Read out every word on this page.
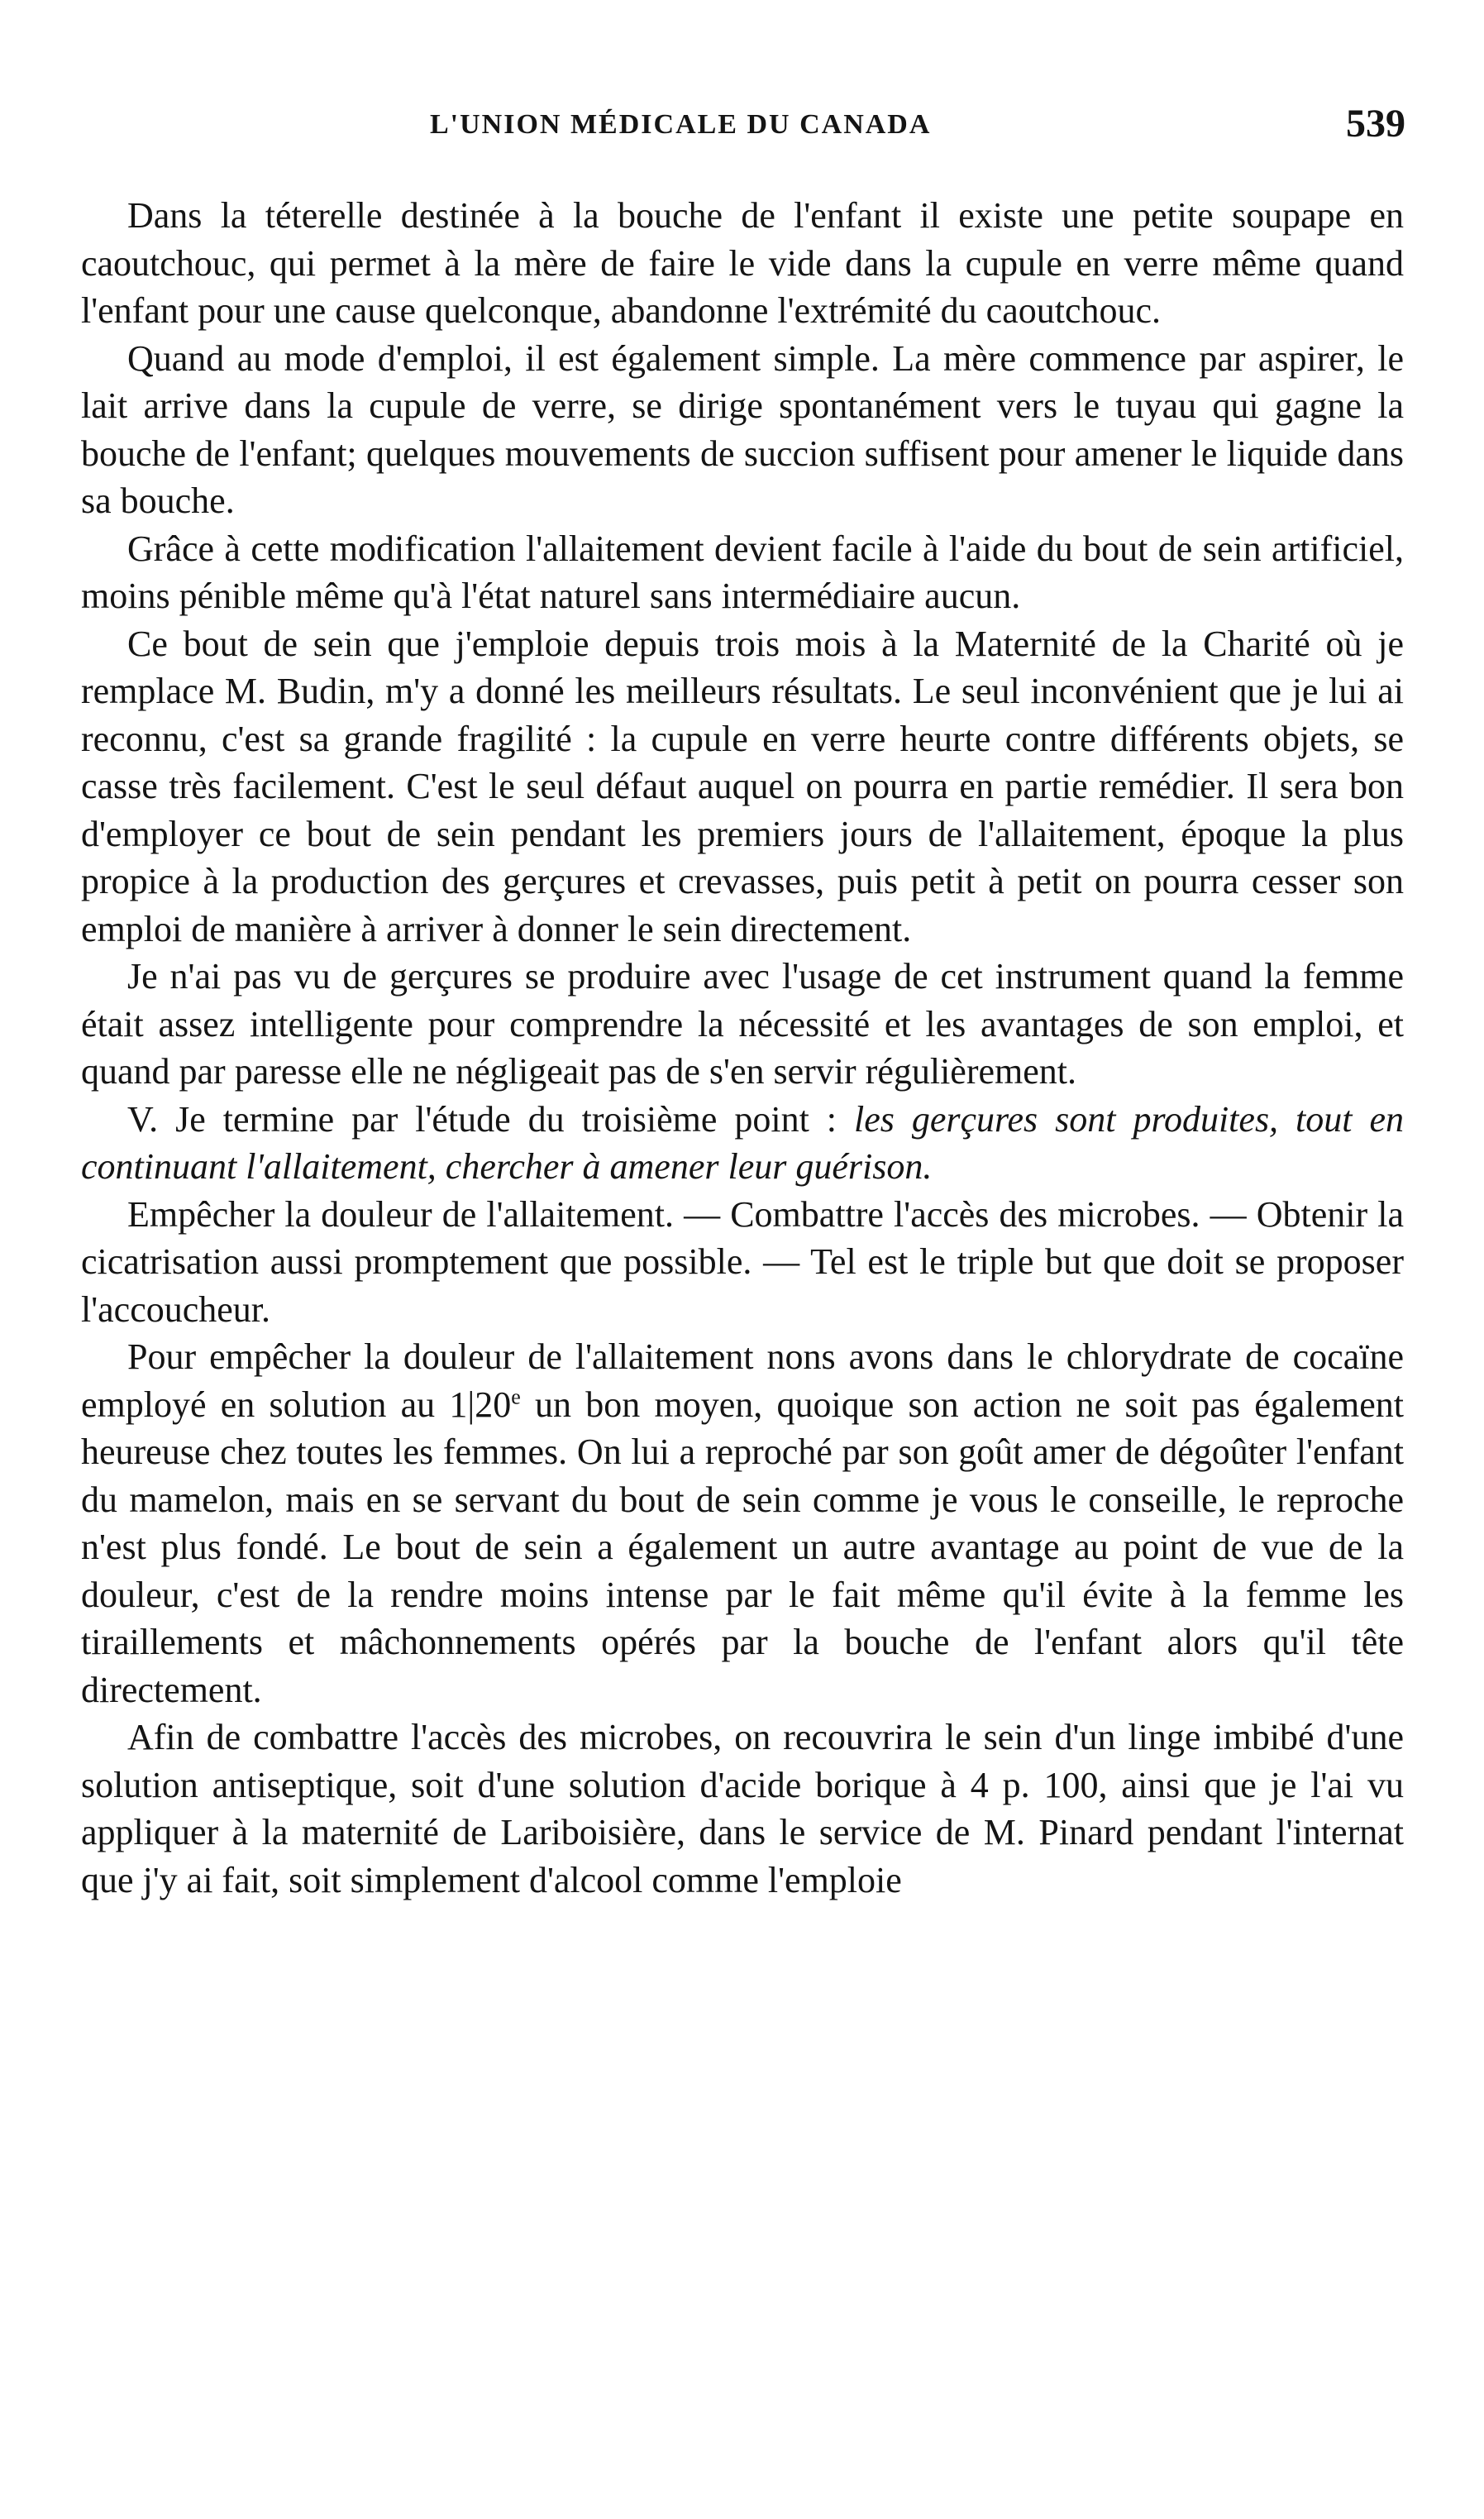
L'UNION MÉDICALE DU CANADA	539

Dans la téterelle destinée à la bouche de l'enfant il existe une petite soupape en caoutchouc, qui permet à la mère de faire le vide dans la cupule en verre même quand l'enfant pour une cause quelconque, abandonne l'extrémité du caoutchouc.

Quand au mode d'emploi, il est également simple. La mère commence par aspirer, le lait arrive dans la cupule de verre, se dirige spontanément vers le tuyau qui gagne la bouche de l'enfant; quelques mouvements de succion suffisent pour amener le liquide dans sa bouche.

Grâce à cette modification l'allaitement devient facile à l'aide du bout de sein artificiel, moins pénible même qu'à l'état naturel sans intermédiaire aucun.

Ce bout de sein que j'emploie depuis trois mois à la Maternité de la Charité où je remplace M. Budin, m'y a donné les meilleurs résultats. Le seul inconvénient que je lui ai reconnu, c'est sa grande fragilité : la cupule en verre heurte contre différents objets, se casse très facilement. C'est le seul défaut auquel on pourra en partie remédier. Il sera bon d'employer ce bout de sein pendant les premiers jours de l'allaitement, époque la plus propice à la production des gerçures et crevasses, puis petit à petit on pourra cesser son emploi de manière à arriver à donner le sein directement.

Je n'ai pas vu de gerçures se produire avec l'usage de cet instrument quand la femme était assez intelligente pour comprendre la nécessité et les avantages de son emploi, et quand par paresse elle ne négligeait pas de s'en servir régulièrement.

V. Je termine par l'étude du troisième point : les gerçures sont produites, tout en continuant l'allaitement, chercher à amener leur guérison.

Empêcher la douleur de l'allaitement. — Combattre l'accès des microbes. — Obtenir la cicatrisation aussi promptement que possible. — Tel est le triple but que doit se proposer l'accoucheur.

Pour empêcher la douleur de l'allaitement nons avons dans le chlorydrate de cocaïne employé en solution au 1|20e un bon moyen, quoique son action ne soit pas également heureuse chez toutes les femmes. On lui a reproché par son goût amer de dégoûter l'enfant du mamelon, mais en se servant du bout de sein comme je vous le conseille, le reproche n'est plus fondé. Le bout de sein a également un autre avantage au point de vue de la douleur, c'est de la rendre moins intense par le fait même qu'il évite à la femme les tiraillements et mâchonnements opérés par la bouche de l'enfant alors qu'il tête directement.

Afin de combattre l'accès des microbes, on recouvrira le sein d'un linge imbibé d'une solution antiseptique, soit d'une solution d'acide borique à 4 p. 100, ainsi que je l'ai vu appliquer à la maternité de Lariboisière, dans le service de M. Pinard pendant l'internat que j'y ai fait, soit simplement d'alcool comme l'emploie
